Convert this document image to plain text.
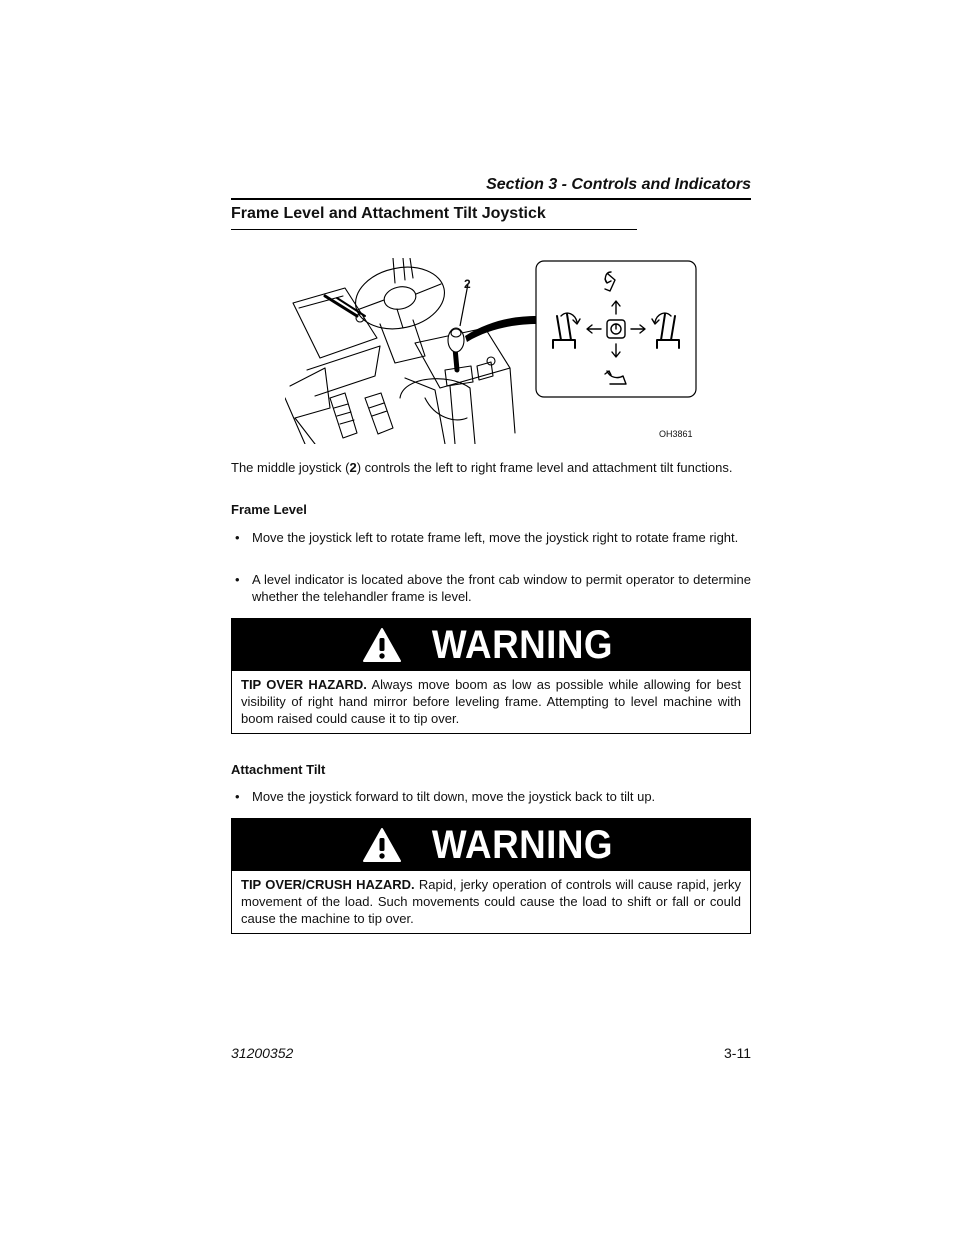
Section 3 - Controls and Indicators
Frame Level and Attachment Tilt Joystick
2
OH3861
The middle joystick (2) controls the left to right frame level and attachment tilt functions.
Frame Level
• Move the joystick left to rotate frame left, move the joystick right to rotate frame right.
• A level indicator is located above the front cab window to permit operator to determine whether the telehandler frame is level.
WARNING
TIP OVER HAZARD. Always move boom as low as possible while allowing for best visibility of right hand mirror before leveling frame. Attempting to level machine with boom raised could cause it to tip over.
Attachment Tilt
• Move the joystick forward to tilt down, move the joystick back to tilt up.
WARNING
TIP OVER/CRUSH HAZARD. Rapid, jerky operation of controls will cause rapid, jerky movement of the load. Such movements could cause the load to shift or fall or could cause the machine to tip over.
31200352	3-11
